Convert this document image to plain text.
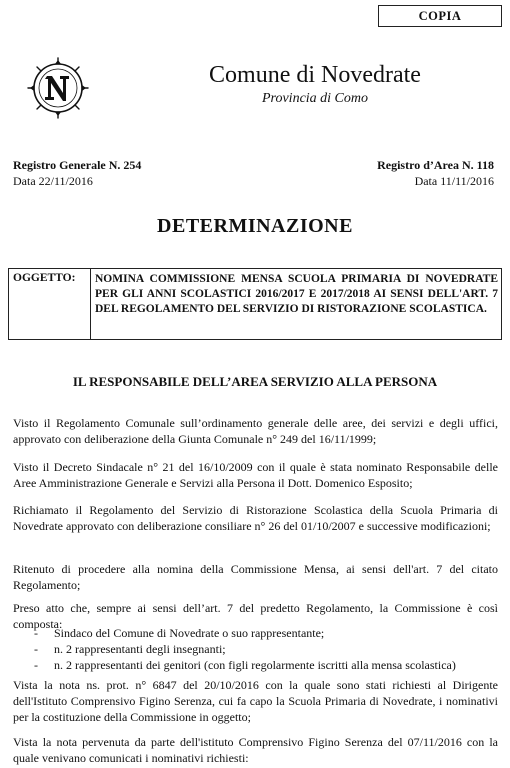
COPIA
Comune di Novedrate
Provincia di Como
Registro Generale N. 254
Data 22/11/2016
Registro d’Area N. 118
Data 11/11/2016
DETERMINAZIONE
OGGETTO:	NOMINA COMMISSIONE MENSA SCUOLA PRIMARIA DI NOVEDRATE PER GLI ANNI SCOLASTICI 2016/2017 E 2017/2018 AI SENSI DELL'ART. 7 DEL REGOLAMENTO DEL SERVIZIO DI RISTORAZIONE SCOLASTICA.
IL RESPONSABILE DELL’AREA SERVIZIO ALLA PERSONA

Visto il Regolamento Comunale sull’ordinamento generale delle aree, dei servizi e degli uffici, approvato con deliberazione della Giunta Comunale n° 249 del 16/11/1999;

Visto il Decreto Sindacale n° 21 del 16/10/2009 con il quale è stata nominato Responsabile delle Aree Amministrazione Generale e Servizi alla Persona il Dott. Domenico Esposito;

Richiamato il Regolamento del Servizio di Ristorazione Scolastica della Scuola Primaria di Novedrate approvato con deliberazione consiliare n° 26 del 01/10/2007 e successive modificazioni;

Ritenuto di procedere alla nomina della Commissione Mensa, ai sensi dell'art. 7 del citato Regolamento;

Preso atto che, sempre ai sensi dell’art. 7 del predetto Regolamento, la Commissione è così composta:

- Sindaco del Comune di Novedrate o suo rappresentante;
- n. 2 rappresentanti degli insegnanti;
- n. 2 rappresentanti dei genitori (con figli regolarmente iscritti alla mensa scolastica)

Vista la nota ns. prot. n° 6847 del 20/10/2016 con la quale sono stati richiesti al Dirigente dell'Istituto Comprensivo Figino Serenza, cui fa capo la Scuola Primaria di Novedrate, i nominativi per la costituzione della Commissione in oggetto;

Vista la nota pervenuta da parte dell'istituto Comprensivo Figino Serenza del 07/11/2016 con la quale venivano comunicati i nominativi richiesti:
